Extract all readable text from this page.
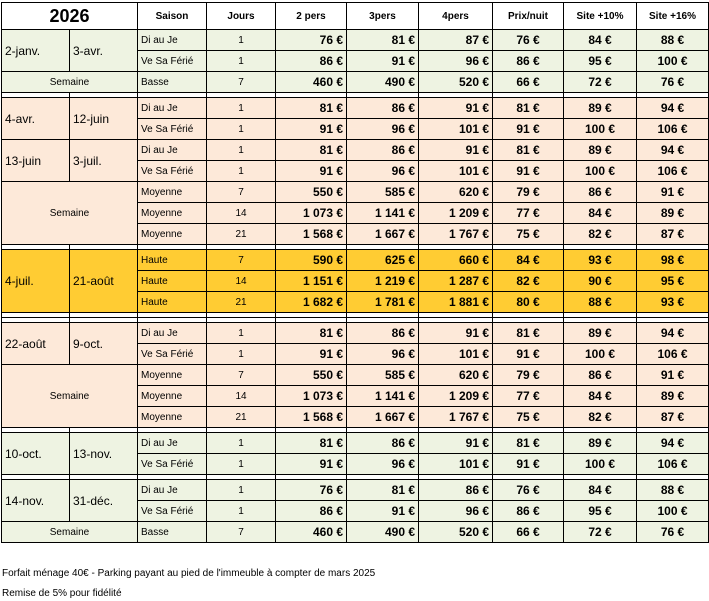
2026		Saison	Jours	2 pers	3pers	4pers	Prix/nuit	Site +10%	Site +16%
2-janv.	3-avr.	Di au Je	1	76 €	81 €	87 €	76 €	84 €	88 €
		Ve Sa Férié	1	86 €	91 €	96 €	86 €	95 €	100 €
Semaine		Basse	7	460 €	490 €	520 €	66 €	72 €	76 €

4-avr.	12-juin	Di au Je	1	81 €	86 €	91 €	81 €	89 €	94 €
		Ve Sa Férié	1	91 €	96 €	101 €	91 €	100 €	106 €
13-juin	3-juil.	Di au Je	1	81 €	86 €	91 €	81 €	89 €	94 €
		Ve Sa Férié	1	91 €	96 €	101 €	91 €	100 €	106 €
Semaine		Moyenne	7	550 €	585 €	620 €	79 €	86 €	91 €
		Moyenne	14	1 073 €	1 141 €	1 209 €	77 €	84 €	89 €
		Moyenne	21	1 568 €	1 667 €	1 767 €	75 €	82 €	87 €

4-juil.	21-août	Haute	7	590 €	625 €	660 €	84 €	93 €	98 €
		Haute	14	1 151 €	1 219 €	1 287 €	82 €	90 €	95 €
		Haute	21	1 682 €	1 781 €	1 881 €	80 €	88 €	93 €

22-août	9-oct.	Di au Je	1	81 €	86 €	91 €	81 €	89 €	94 €
		Ve Sa Férié	1	91 €	96 €	101 €	91 €	100 €	106 €
Semaine		Moyenne	7	550 €	585 €	620 €	79 €	86 €	91 €
		Moyenne	14	1 073 €	1 141 €	1 209 €	77 €	84 €	89 €
		Moyenne	21	1 568 €	1 667 €	1 767 €	75 €	82 €	87 €

10-oct.	13-nov.	Di au Je	1	81 €	86 €	91 €	81 €	89 €	94 €
		Ve Sa Férié	1	91 €	96 €	101 €	91 €	100 €	106 €

14-nov.	31-déc.	Di au Je	1	76 €	81 €	86 €	76 €	84 €	88 €
		Ve Sa Férié	1	86 €	91 €	96 €	86 €	95 €	100 €
Semaine		Basse	7	460 €	490 €	520 €	66 €	72 €	76 €
Forfait ménage 40€ - Parking payant au pied de l'immeuble à compter de mars 2025
Remise de 5% pour fidélité
